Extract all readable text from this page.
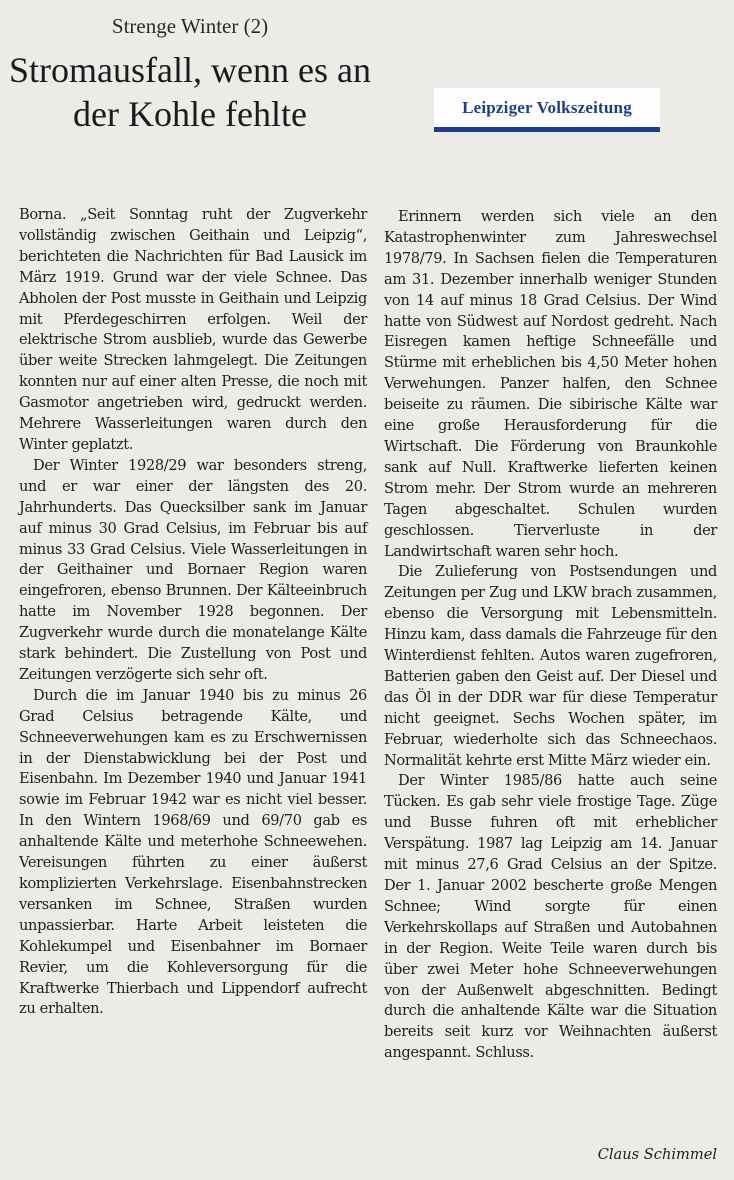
Strenge Winter (2)
Stromausfall, wenn es an der Kohle fehlte	Leipziger Volkszeitung

Borna. „Seit Sonntag ruht der Zugverkehr vollständig zwischen Geithain und Leipzig“, berichteten die Nachrichten für Bad Lausick im März 1919. Grund war der viele Schnee. Das Abholen der Post musste in Geithain und Leipzig mit Pferdegeschirren erfolgen. Weil der elektrische Strom ausblieb, wurde das Gewerbe über weite Strecken lahmgelegt. Die Zeitungen konnten nur auf einer alten Presse, die noch mit Gasmotor angetrieben wird, gedruckt werden. Mehrere Wasserleitungen waren durch den Winter geplatzt.

Der Winter 1928/29 war besonders streng, und er war einer der längsten des 20. Jahrhunderts. Das Quecksilber sank im Januar auf minus 30 Grad Celsius, im Februar bis auf minus 33 Grad Celsius. Viele Wasserleitungen in der Geithainer und Bornaer Region waren eingefroren, ebenso Brunnen. Der Kälteeinbruch hatte im November 1928 begonnen. Der Zugverkehr wurde durch die monatelange Kälte stark behindert. Die Zustellung von Post und Zeitungen verzögerte sich sehr oft.

Durch die im Januar 1940 bis zu minus 26 Grad Celsius betragende Kälte, und Schneeverwehungen kam es zu Erschwernissen in der Dienstabwicklung bei der Post und Eisenbahn. Im Dezember 1940 und Januar 1941 sowie im Februar 1942 war es nicht viel besser. In den Wintern 1968/69 und 69/70 gab es anhaltende Kälte und meterhohe Schneewehen. Vereisungen führten zu einer äußerst komplizierten Verkehrslage. Eisenbahnstrecken versanken im Schnee, Straßen wurden unpassierbar. Harte Arbeit leisteten die Kohlekumpel und Eisenbahner im Bornaer Revier, um die Kohleversorgung für die Kraftwerke Thierbach und Lippendorf aufrecht zu erhalten.

Erinnern werden sich viele an den Katastrophenwinter zum Jahreswechsel 1978/79. In Sachsen fielen die Temperaturen am 31. Dezember innerhalb weniger Stunden von 14 auf minus 18 Grad Celsius. Der Wind hatte von Südwest auf Nordost gedreht. Nach Eisregen kamen heftige Schneefälle und Stürme mit erheblichen bis 4,50 Meter hohen Verwehungen. Panzer halfen, den Schnee beiseite zu räumen. Die sibirische Kälte war eine große Herausforderung für die Wirtschaft. Die Förderung von Braunkohle sank auf Null. Kraftwerke lieferten keinen Strom mehr. Der Strom wurde an mehreren Tagen abgeschaltet. Schulen wurden geschlossen. Tierverluste in der Landwirtschaft waren sehr hoch.

Die Zulieferung von Postsendungen und Zeitungen per Zug und LKW brach zusammen, ebenso die Versorgung mit Lebensmitteln. Hinzu kam, dass damals die Fahrzeuge für den Winterdienst fehlten. Autos waren zugefroren, Batterien gaben den Geist auf. Der Diesel und das Öl in der DDR war für diese Temperatur nicht geeignet. Sechs Wochen später, im Februar, wiederholte sich das Schneechaos. Normalität kehrte erst Mitte März wieder ein.

Der Winter 1985/86 hatte auch seine Tücken. Es gab sehr viele frostige Tage. Züge und Busse fuhren oft mit erheblicher Verspätung. 1987 lag Leipzig am 14. Januar mit minus 27,6 Grad Celsius an der Spitze. Der 1. Januar 2002 bescherte große Mengen Schnee; Wind sorgte für einen Verkehrskollaps auf Straßen und Autobahnen in der Region. Weite Teile waren durch bis über zwei Meter hohe Schneeverwehungen von der Außenwelt abgeschnitten. Bedingt durch die anhaltende Kälte war die Situation bereits seit kurz vor Weihnachten äußerst angespannt. Schluss.

Claus Schimmel
